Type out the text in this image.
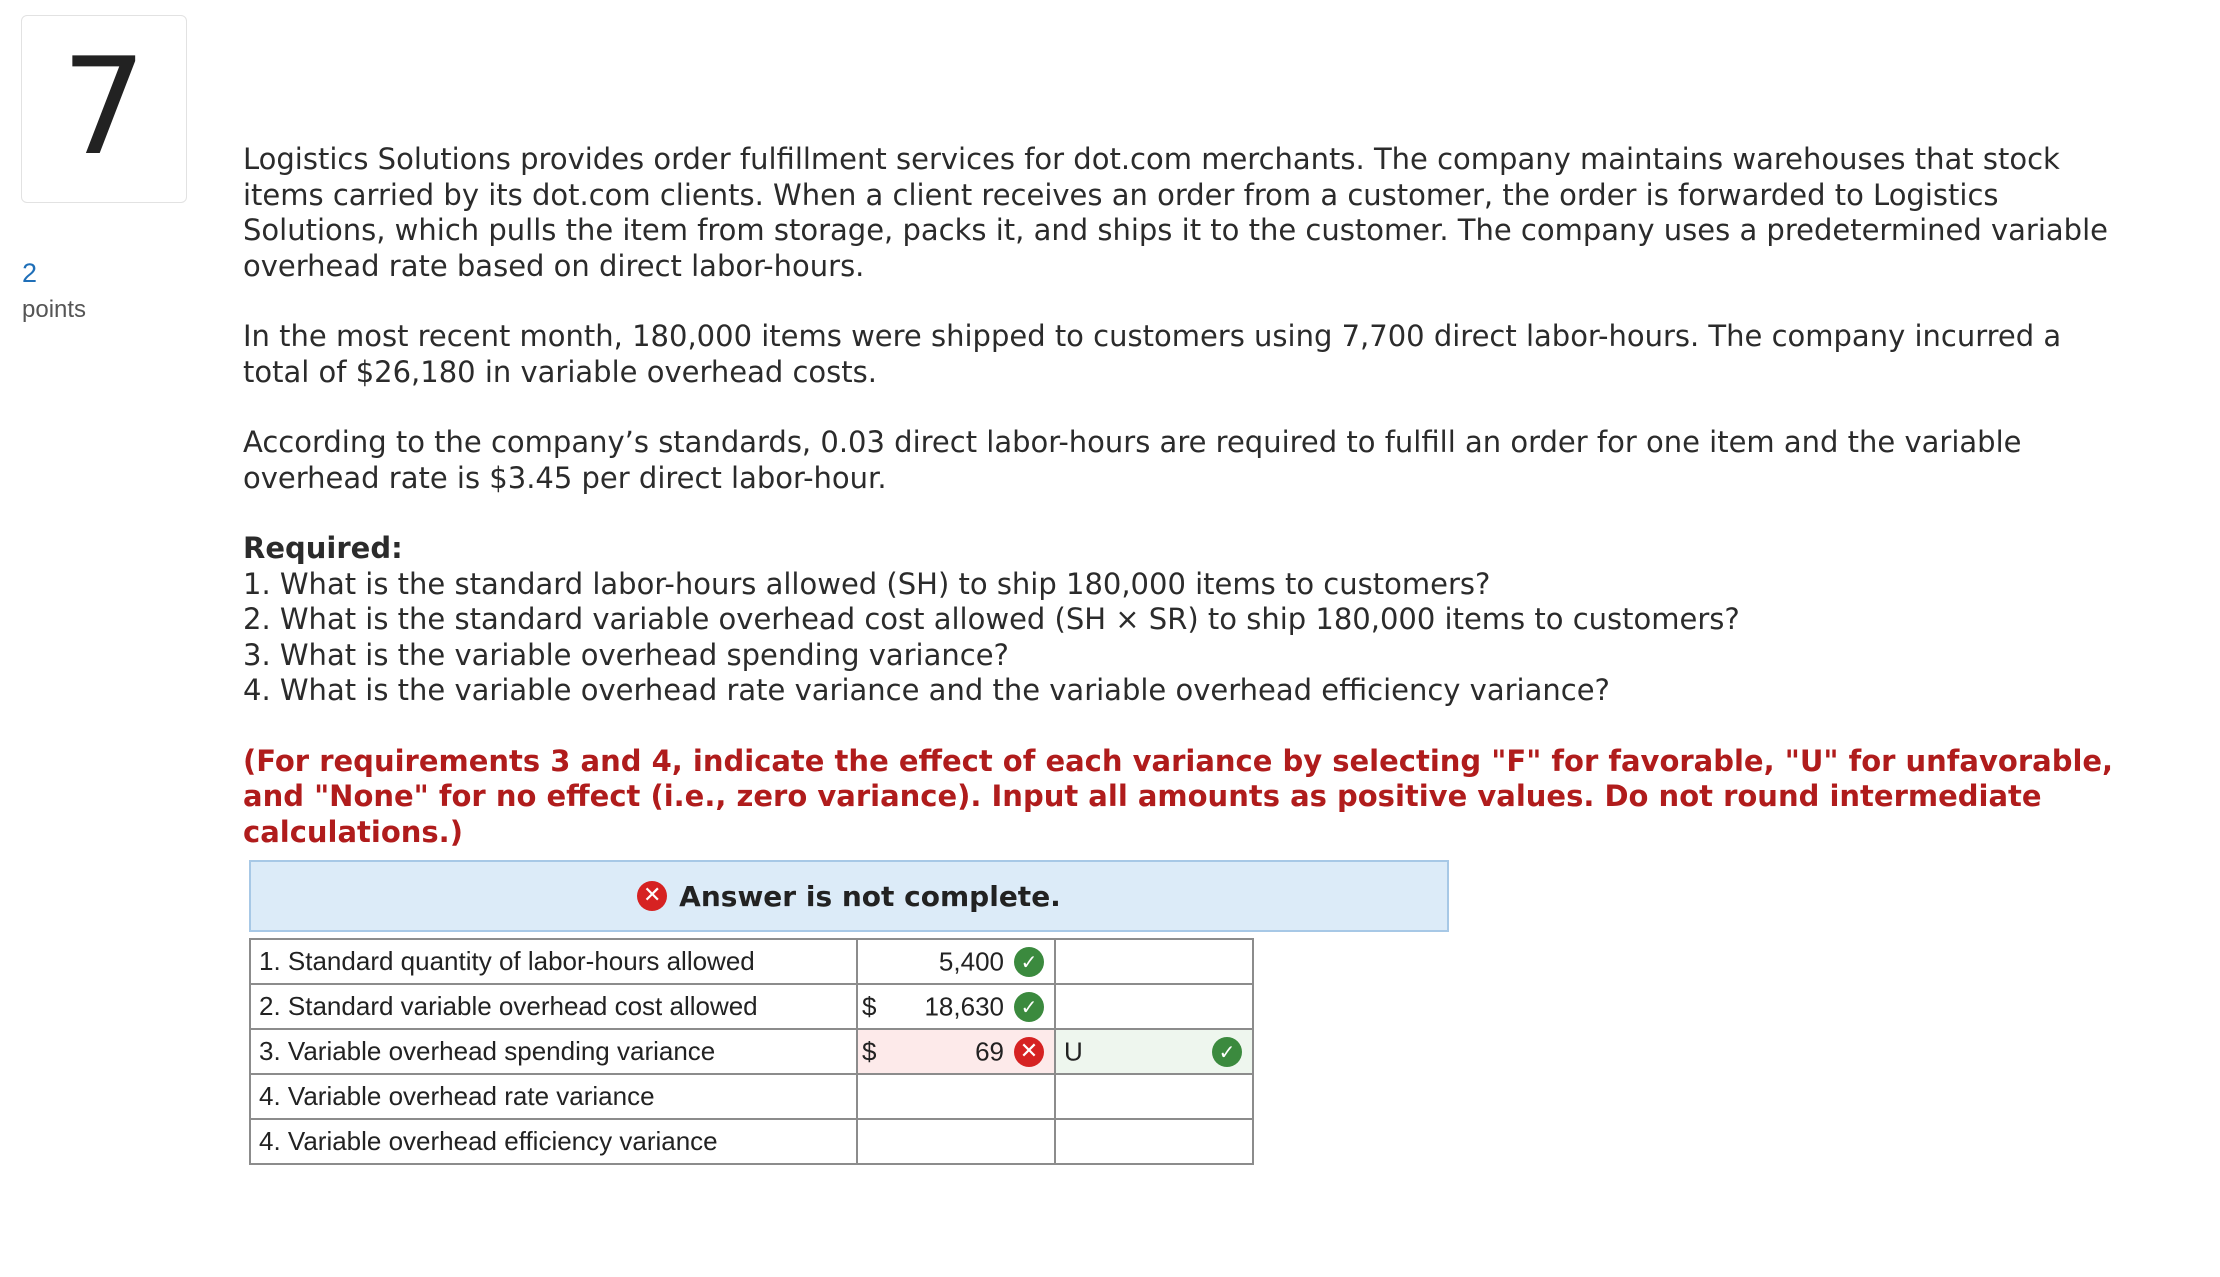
7
2
points

Logistics Solutions provides order fulfillment services for dot.com merchants. The company maintains warehouses that stock items carried by its dot.com clients. When a client receives an order from a customer, the order is forwarded to Logistics Solutions, which pulls the item from storage, packs it, and ships it to the customer. The company uses a predetermined variable overhead rate based on direct labor-hours.

In the most recent month, 180,000 items were shipped to customers using 7,700 direct labor-hours. The company incurred a total of $26,180 in variable overhead costs.

According to the company’s standards, 0.03 direct labor-hours are required to fulfill an order for one item and the variable overhead rate is $3.45 per direct labor-hour.

Required:
1. What is the standard labor-hours allowed (SH) to ship 180,000 items to customers?
2. What is the standard variable overhead cost allowed (SH × SR) to ship 180,000 items to customers?
3. What is the variable overhead spending variance?
4. What is the variable overhead rate variance and the variable overhead efficiency variance?

(For requirements 3 and 4, indicate the effect of each variance by selecting "F" for favorable, "U" for unfavorable, and "None" for no effect (i.e., zero variance). Input all amounts as positive values. Do not round intermediate calculations.)

✕ Answer is not complete.
1. Standard quantity of labor-hours allowed	5,400 ✓	

2. Standard variable overhead cost allowed	$ 18,630 ✓	

3. Variable overhead spending variance	$ 69 ✕	U ✓

4. Variable overhead rate variance		
4. Variable overhead efficiency variance		
